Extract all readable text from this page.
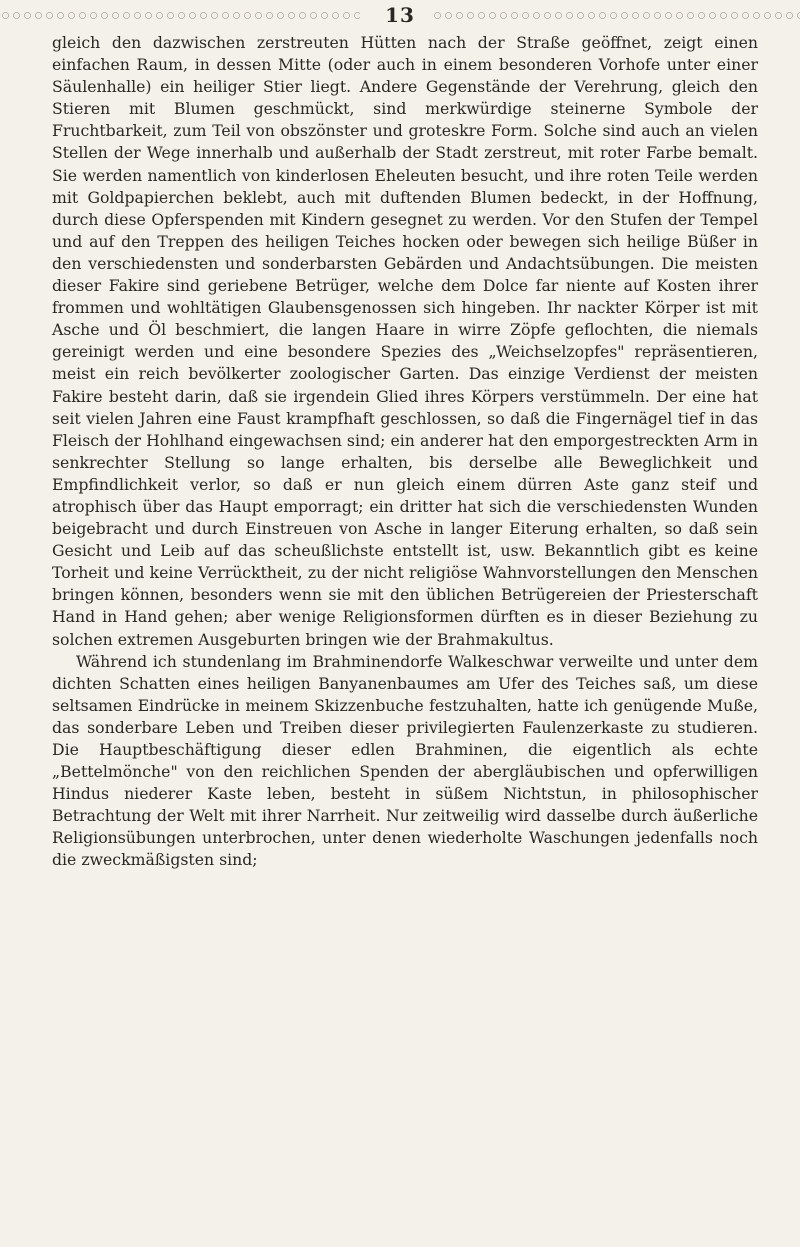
13

gleich den dazwischen zerstreuten Hütten nach der Straße geöffnet, zeigt einen einfachen Raum, in dessen Mitte (oder auch in einem besonderen Vorhofe unter einer Säulenhalle) ein heiliger Stier liegt. Andere Gegenstände der Verehrung, gleich den Stieren mit Blumen geschmückt, sind merkwürdige steinerne Symbole der Fruchtbarkeit, zum Teil von obszönster und groteskre Form. Solche sind auch an vielen Stellen der Wege innerhalb und außerhalb der Stadt zerstreut, mit roter Farbe bemalt. Sie werden namentlich von kinderlosen Eheleuten besucht, und ihre roten Teile werden mit Goldpapierchen beklebt, auch mit duftenden Blumen bedeckt, in der Hoffnung, durch diese Opferspenden mit Kindern gesegnet zu werden. Vor den Stufen der Tempel und auf den Treppen des heiligen Teiches hocken oder bewegen sich heilige Büßer in den verschiedensten und sonderbarsten Gebärden und Andachtsübungen. Die meisten dieser Fakire sind geriebene Betrüger, welche dem Dolce far niente auf Kosten ihrer frommen und wohltätigen Glaubensgenossen sich hingeben. Ihr nackter Körper ist mit Asche und Öl beschmiert, die langen Haare in wirre Zöpfe geflochten, die niemals gereinigt werden und eine besondere Spezies des „Weichselzopfes" repräsentieren, meist ein reich bevölkerter zoologischer Garten. Das einzige Verdienst der meisten Fakire besteht darin, daß sie irgendein Glied ihres Körpers verstümmeln. Der eine hat seit vielen Jahren eine Faust krampfhaft geschlossen, so daß die Fingernägel tief in das Fleisch der Hohlhand eingewachsen sind; ein anderer hat den emporgestreckten Arm in senkrechter Stellung so lange erhalten, bis derselbe alle Beweglichkeit und Empfindlichkeit verlor, so daß er nun gleich einem dürren Aste ganz steif und atrophisch über das Haupt emporragt; ein dritter hat sich die verschiedensten Wunden beigebracht und durch Einstreuen von Asche in langer Eiterung erhalten, so daß sein Gesicht und Leib auf das scheußlichste entstellt ist, usw. Bekanntlich gibt es keine Torheit und keine Verrücktheit, zu der nicht religiöse Wahnvorstellungen den Menschen bringen können, besonders wenn sie mit den üblichen Betrügereien der Priesterschaft Hand in Hand gehen; aber wenige Religionsformen dürften es in dieser Beziehung zu solchen extremen Ausgeburten bringen wie der Brahmakultus.

Während ich stundenlang im Brahminendorfe Walkeschwar verweilte und unter dem dichten Schatten eines heiligen Banyanenbaumes am Ufer des Teiches saß, um diese seltsamen Eindrücke in meinem Skizzenbuche festzuhalten, hatte ich genügende Muße, das sonderbare Leben und Treiben dieser privilegierten Faulenzerkaste zu studieren. Die Hauptbeschäftigung dieser edlen Brahminen, die eigentlich als echte „Bettelmönche" von den reichlichen Spenden der abergläubischen und opferwilligen Hindus niederer Kaste leben, besteht in süßem Nichtstun, in philosophischer Betrachtung der Welt mit ihrer Narrheit. Nur zeitweilig wird dasselbe durch äußerliche Religionsübungen unterbrochen, unter denen wiederholte Waschungen jedenfalls noch die zweckmäßigsten sind;
